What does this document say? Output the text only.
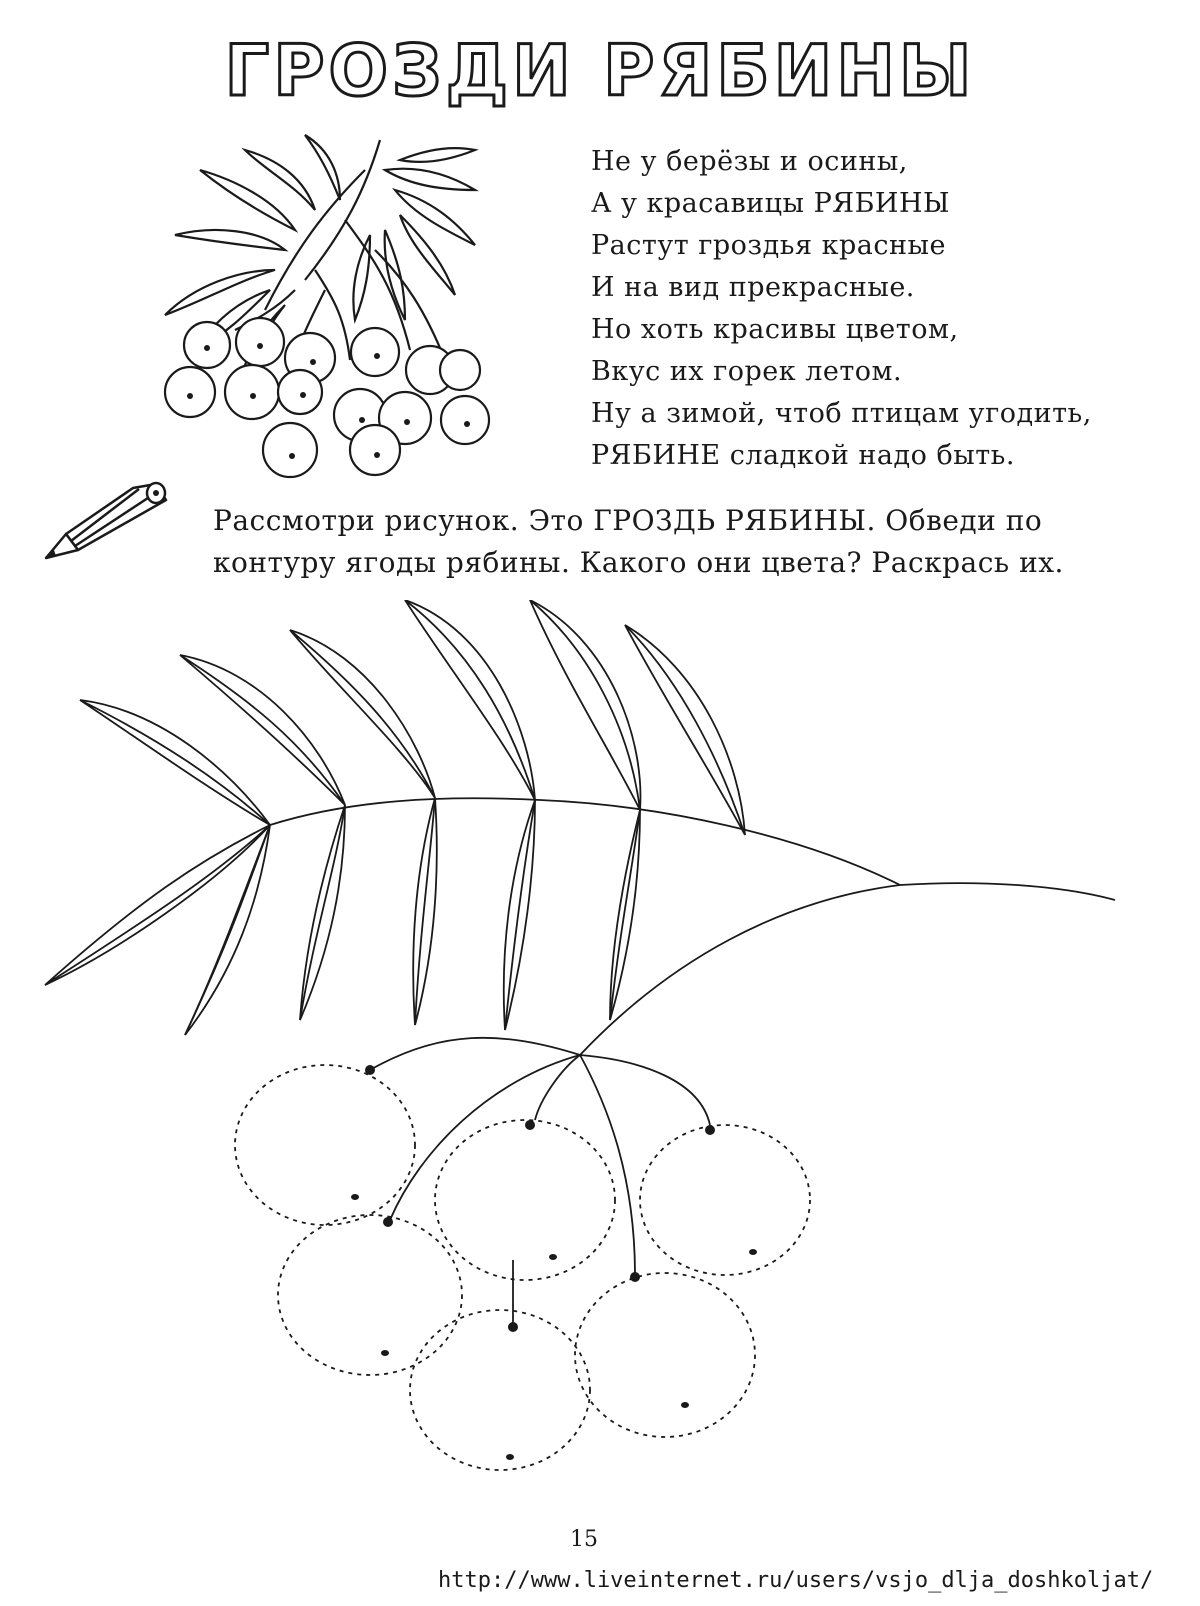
ГРОЗДИ РЯБИНЫ
Не у берёзы и осины,
А у красавицы РЯБИНЫ
Растут гроздья красные
И на вид прекрасные.
Но хоть красивы цветом,
Вкус их горек летом.
Ну а зимой, чтоб птицам угодить,
РЯБИНЕ сладкой надо быть.
Рассмотри рисунок. Это ГРОЗДЬ РЯБИНЫ. Обведи по
контуру ягоды рябины. Какого они цвета? Раскрась их.
15
http://www.liveinternet.ru/users/vsjo_dlja_doshkoljat/
